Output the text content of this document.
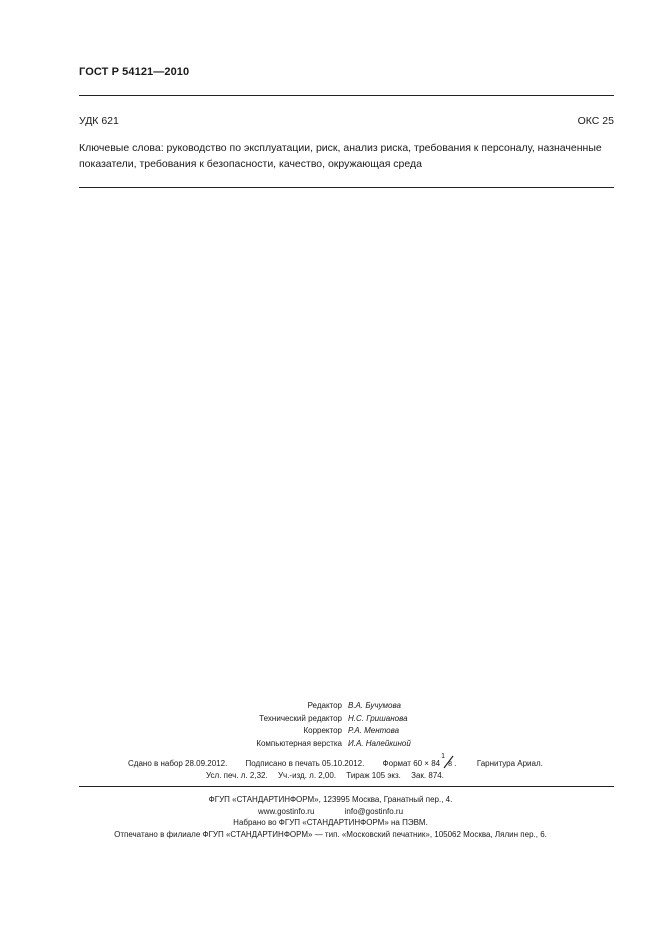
ГОСТ Р 54121—2010
УДК 621	ОКС 25
Ключевые слова: руководство по эксплуатации, риск, анализ риска, требования к персоналу, назначенные показатели, требования к безопасности, качество, окружающая среда
Редактор В.А. Бучумова
Технический редактор Н.С. Гришанова
Корректор Р.А. Ментова
Компьютерная верстка И.А. Налейкиной
Сдано в набор 28.09.2012. Подписано в печать 05.10.2012. Формат 60 × 84
1
8 .	Гарнитура Ариал.
Усл. печ. л. 2,32. Уч.-изд. л. 2,00. Тираж 105 экз. Зак. 874.
ФГУП «СТАНДАРТИНФОРМ», 123995 Москва, Гранатный пер., 4.
www.gostinfo.ru	info@gostinfo.ru
Набрано во ФГУП «СТАНДАРТИНФОРМ» на ПЭВМ.
Отпечатано в филиале ФГУП «СТАНДАРТИНФОРМ» — тип. «Московский печатник», 105062 Москва, Лялин пер., 6.
